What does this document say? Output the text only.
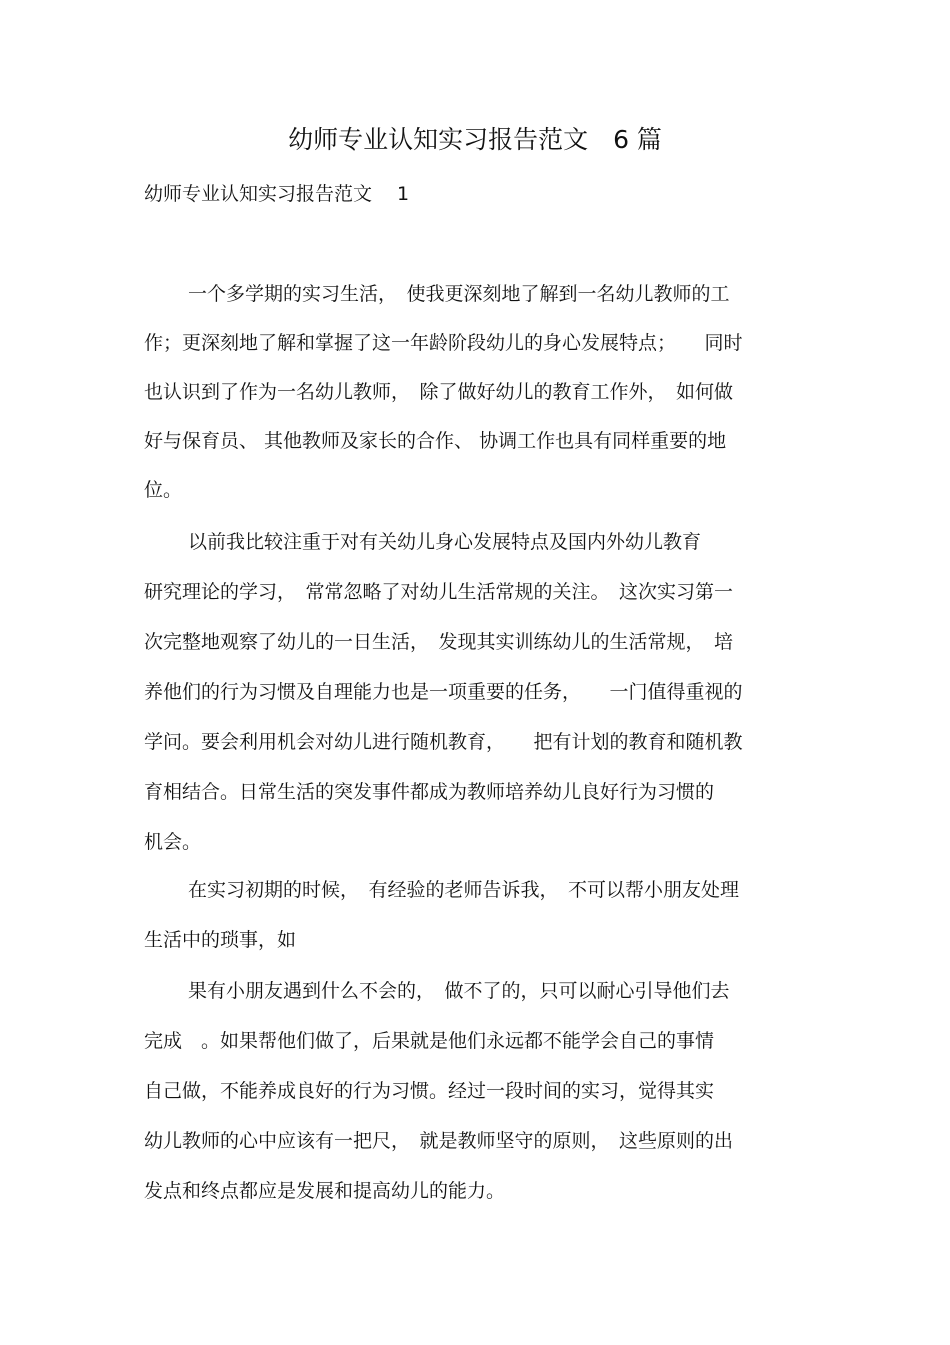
幼师专业认知实习报告范文　6 篇
幼师专业认知实习报告范文　 1
一个多学期的实习生活，　使我更深刻地了解到一名幼儿教师的工
作；更深刻地了解和掌握了这一年龄阶段幼儿的身心发展特点；　　同时
也认识到了作为一名幼儿教师，　除了做好幼儿的教育工作外，　如何做
好与保育员、 其他教师及家长的合作、 协调工作也具有同样重要的地
位。
以前我比较注重于对有关幼儿身心发展特点及国内外幼儿教育
研究理论的学习，　常常忽略了对幼儿生活常规的关注。　这次实习第一
次完整地观察了幼儿的一日生活，　发现其实训练幼儿的生活常规，　培
养他们的行为习惯及自理能力也是一项重要的任务，　　一门值得重视的
学问。要会利用机会对幼儿进行随机教育，　　把有计划的教育和随机教
育相结合。日常生活的突发事件都成为教师培养幼儿良好行为习惯的
机会。
在实习初期的时候，　有经验的老师告诉我，　不可以帮小朋友处理
生活中的琐事，如
果有小朋友遇到什么不会的，　做不了的，只可以耐心引导他们去
完成　。如果帮他们做了，后果就是他们永远都不能学会自己的事情
自己做，不能养成良好的行为习惯。经过一段时间的实习，觉得其实
幼儿教师的心中应该有一把尺，　就是教师坚守的原则，　这些原则的出
发点和终点都应是发展和提高幼儿的能力。
